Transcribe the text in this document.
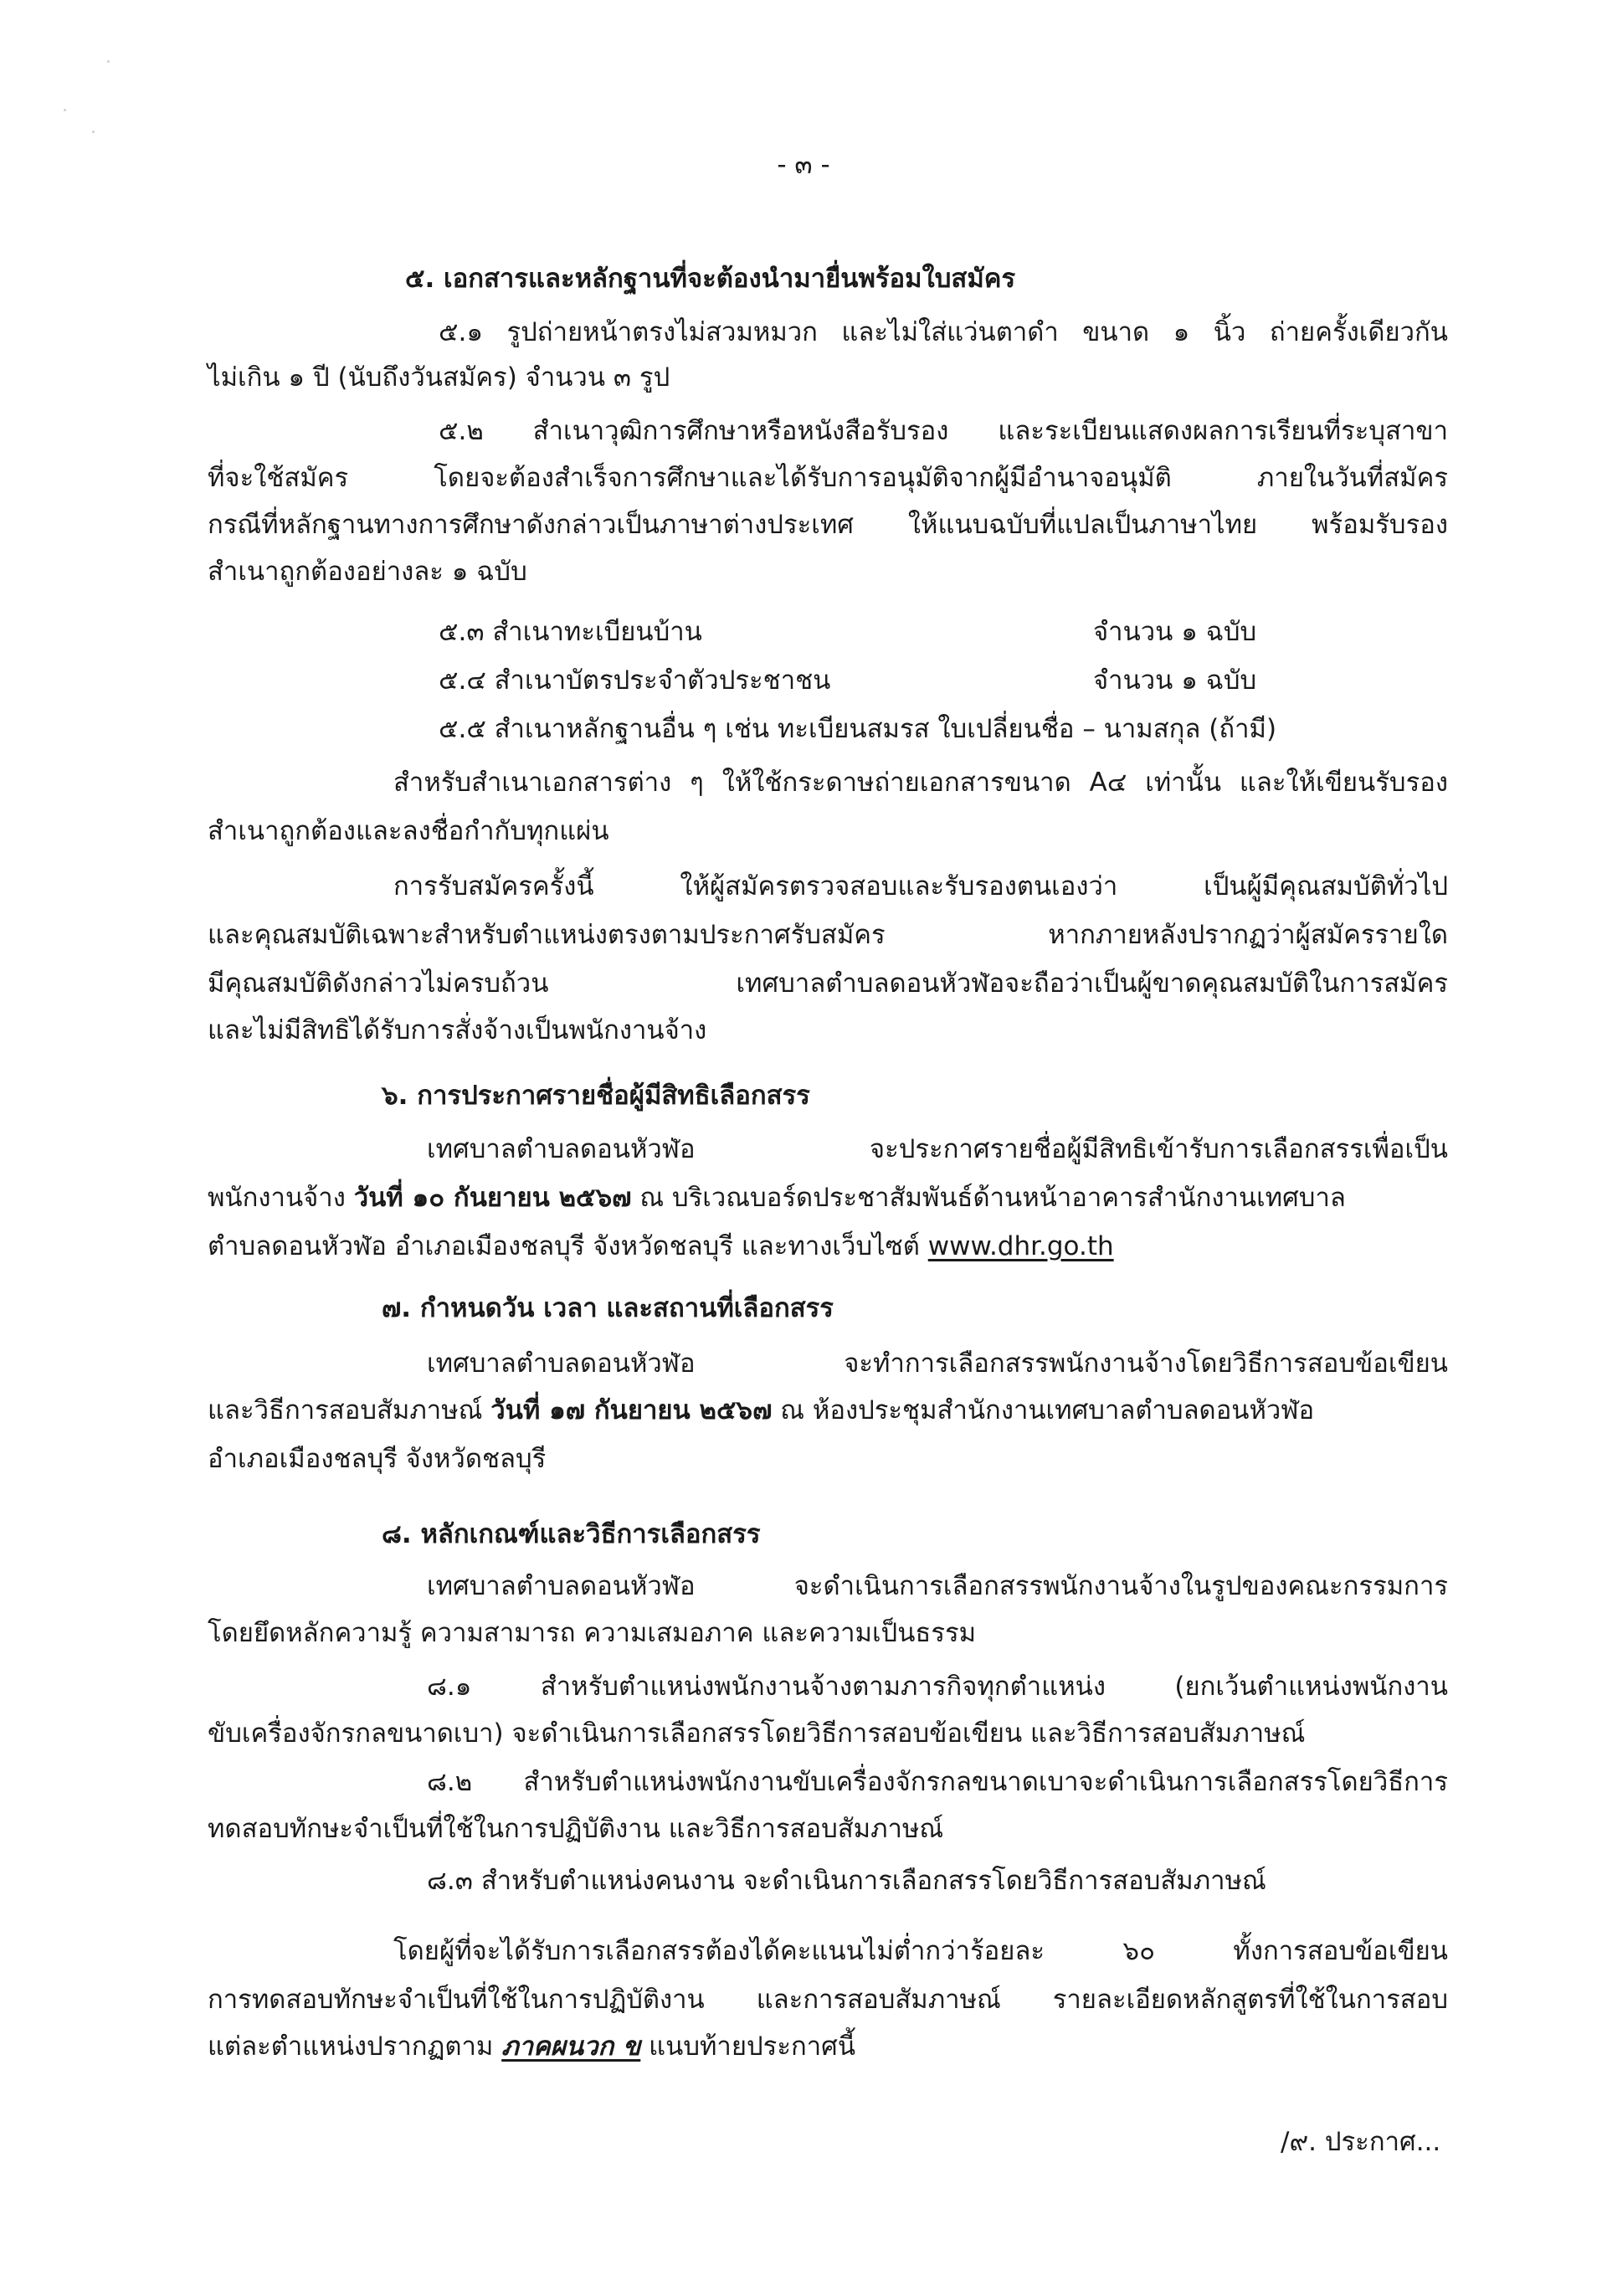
- ๓ -
๕. เอกสารและหลักฐานที่จะต้องนำมายื่นพร้อมใบสมัคร
๕.๑ รูปถ่ายหน้าตรงไม่สวมหมวก และไม่ใส่แว่นตาดำ ขนาด ๑ นิ้ว ถ่ายครั้งเดียวกัน
ไม่เกิน ๑ ปี (นับถึงวันสมัคร) จำนวน ๓ รูป
๕.๒ สำเนาวุฒิการศึกษาหรือหนังสือรับรอง และระเบียนแสดงผลการเรียนที่ระบุสาขา
ที่จะใช้สมัคร โดยจะต้องสำเร็จการศึกษาและได้รับการอนุมัติจากผู้มีอำนาจอนุมัติ ภายในวันที่สมัคร
กรณีที่หลักฐานทางการศึกษาดังกล่าวเป็นภาษาต่างประเทศ ให้แนบฉบับที่แปลเป็นภาษาไทย พร้อมรับรอง
สำเนาถูกต้องอย่างละ ๑ ฉบับ
๕.๓ สำเนาทะเบียนบ้าน	จำนวน ๑ ฉบับ
๕.๔ สำเนาบัตรประจำตัวประชาชน	จำนวน ๑ ฉบับ
๕.๕ สำเนาหลักฐานอื่น ๆ เช่น ทะเบียนสมรส ใบเปลี่ยนชื่อ – นามสกุล (ถ้ามี)
สำหรับสำเนาเอกสารต่าง ๆ ให้ใช้กระดาษถ่ายเอกสารขนาด A๔ เท่านั้น และให้เขียนรับรอง
สำเนาถูกต้องและลงชื่อกำกับทุกแผ่น
การรับสมัครครั้งนี้ ให้ผู้สมัครตรวจสอบและรับรองตนเองว่า เป็นผู้มีคุณสมบัติทั่วไป
และคุณสมบัติเฉพาะสำหรับตำแหน่งตรงตามประกาศรับสมัคร หากภายหลังปรากฏว่าผู้สมัครรายใด
มีคุณสมบัติดังกล่าวไม่ครบถ้วน เทศบาลตำบลดอนหัวฬ่อจะถือว่าเป็นผู้ขาดคุณสมบัติในการสมัคร
และไม่มีสิทธิได้รับการสั่งจ้างเป็นพนักงานจ้าง
๖. การประกาศรายชื่อผู้มีสิทธิเลือกสรร
เทศบาลตำบลดอนหัวฬ่อ จะประกาศรายชื่อผู้มีสิทธิเข้ารับการเลือกสรรเพื่อเป็น
พนักงานจ้าง วันที่ ๑๐ กันยายน ๒๕๖๗ ณ บริเวณบอร์ดประชาสัมพันธ์ด้านหน้าอาคารสำนักงานเทศบาล
ตำบลดอนหัวฬ่อ อำเภอเมืองชลบุรี จังหวัดชลบุรี และทางเว็บไซต์ www.dhr.go.th
๗. กำหนดวัน เวลา และสถานที่เลือกสรร
เทศบาลตำบลดอนหัวฬ่อ จะทำการเลือกสรรพนักงานจ้างโดยวิธีการสอบข้อเขียน
และวิธีการสอบสัมภาษณ์ วันที่ ๑๗ กันยายน ๒๕๖๗ ณ ห้องประชุมสำนักงานเทศบาลตำบลดอนหัวฬ่อ
อำเภอเมืองชลบุรี จังหวัดชลบุรี
๘. หลักเกณฑ์และวิธีการเลือกสรร
เทศบาลตำบลดอนหัวฬ่อ จะดำเนินการเลือกสรรพนักงานจ้างในรูปของคณะกรรมการ
โดยยึดหลักความรู้ ความสามารถ ความเสมอภาค และความเป็นธรรม
๘.๑ สำหรับตำแหน่งพนักงานจ้างตามภารกิจทุกตำแหน่ง (ยกเว้นตำแหน่งพนักงาน
ขับเครื่องจักรกลขนาดเบา) จะดำเนินการเลือกสรรโดยวิธีการสอบข้อเขียน และวิธีการสอบสัมภาษณ์
๘.๒ สำหรับตำแหน่งพนักงานขับเครื่องจักรกลขนาดเบาจะดำเนินการเลือกสรรโดยวิธีการ
ทดสอบทักษะจำเป็นที่ใช้ในการปฏิบัติงาน และวิธีการสอบสัมภาษณ์
๘.๓ สำหรับตำแหน่งคนงาน จะดำเนินการเลือกสรรโดยวิธีการสอบสัมภาษณ์
โดยผู้ที่จะได้รับการเลือกสรรต้องได้คะแนนไม่ต่ำกว่าร้อยละ ๖๐ ทั้งการสอบข้อเขียน
การทดสอบทักษะจำเป็นที่ใช้ในการปฏิบัติงาน และการสอบสัมภาษณ์ รายละเอียดหลักสูตรที่ใช้ในการสอบ
แต่ละตำแหน่งปรากฏตาม ภาคผนวก ข แนบท้ายประกาศนี้
/๙. ประกาศ...
